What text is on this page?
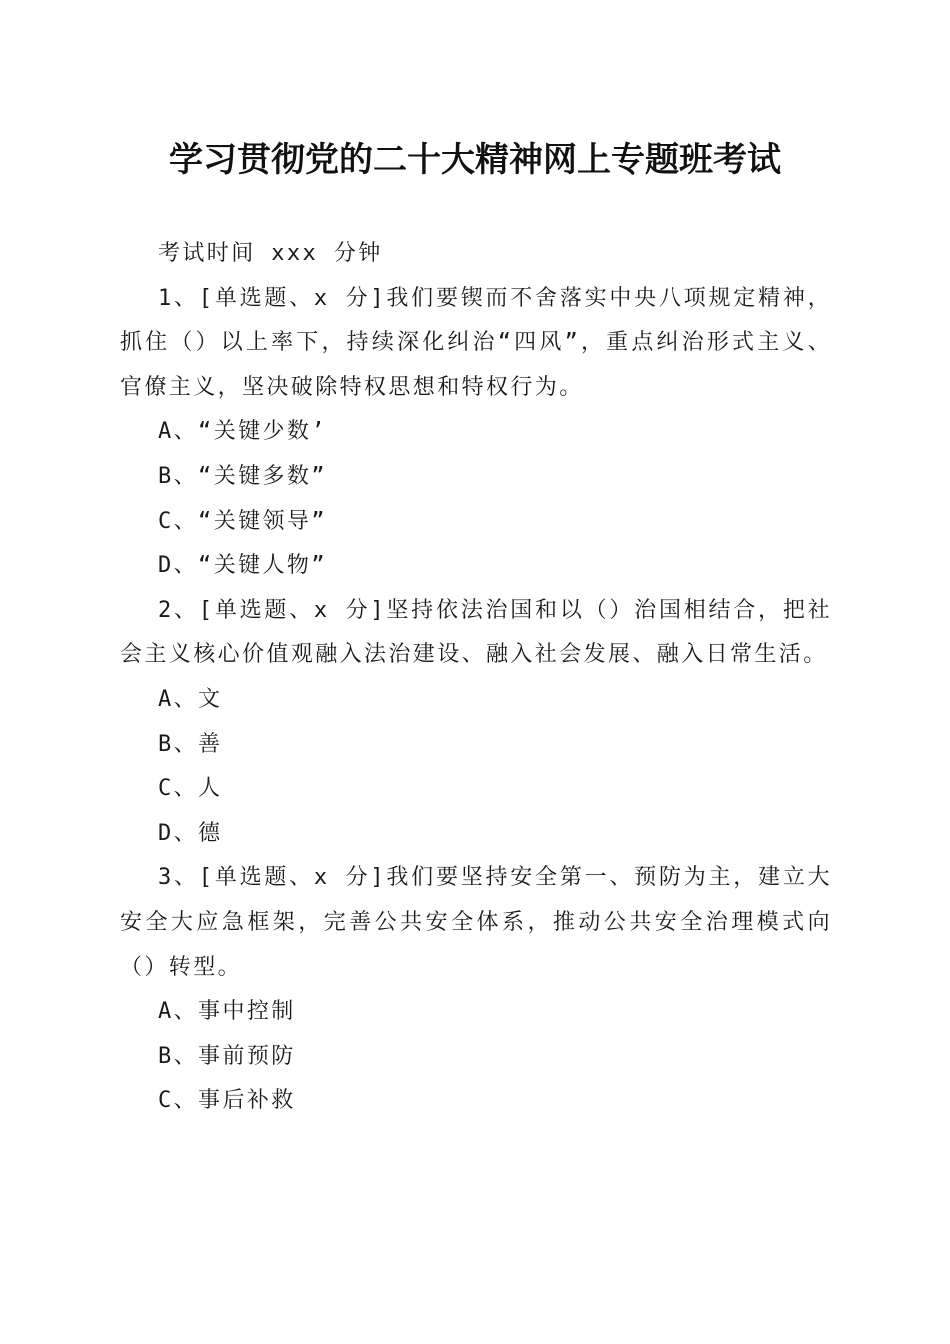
学习贯彻党的二十大精神网上专题班考试

考试时间 xxx 分钟

1、[单选题、x 分]我们要锲而不舍落实中央八项规定精神，抓住（）以上率下，持续深化纠治“四风”，重点纠治形式主义、官僚主义，坚决破除特权思想和特权行为。

A、“关键少数’

B、“关键多数”

C、“关键领导”

D、“关键人物”

2、[单选题、x 分]坚持依法治国和以（）治国相结合，把社会主义核心价值观融入法治建设、融入社会发展、融入日常生活。

A、文

B、善

C、人

D、德

3、[单选题、x 分]我们要坚持安全第一、预防为主，建立大安全大应急框架，完善公共安全体系，推动公共安全治理模式向（）转型。

A、事中控制

B、事前预防

C、事后补救
